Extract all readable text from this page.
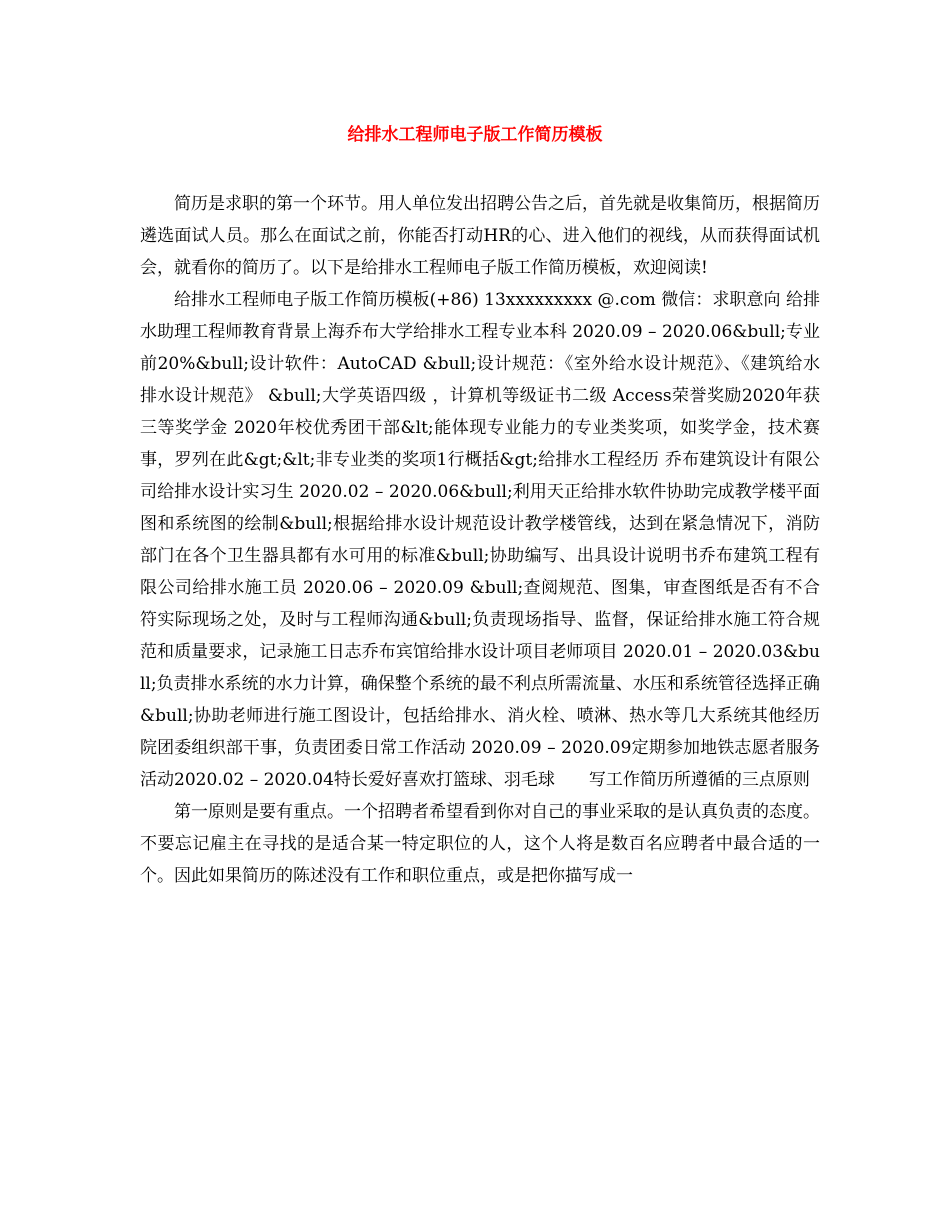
给排水工程师电子版工作简历模板

简历是求职的第一个环节。用人单位发出招聘公告之后，首先就是收集简历，根据简历遴选面试人员。那么在面试之前，你能否打动HR的心、进入他们的视线，从而获得面试机会，就看你的简历了。以下是给排水工程师电子版工作简历模板，欢迎阅读!

给排水工程师电子版工作简历模板(+86) 13xxxxxxxxx @.com 微信：求职意向 给排水助理工程师教育背景上海乔布大学给排水工程专业本科 2020.09 – 2020.06&bull;专业前20%&bull;设计软件：AutoCAD &bull;设计规范：《室外给水设计规范》、《建筑给水排水设计规范》 &bull;大学英语四级 ，计算机等级证书二级 Access荣誉奖励2020年获三等奖学金 2020年校优秀团干部&lt;能体现专业能力的专业类奖项，如奖学金，技术赛事，罗列在此&gt;&lt;非专业类的奖项1行概括&gt;给排水工程经历 乔布建筑设计有限公司给排水设计实习生 2020.02 – 2020.06&bull;利用天正给排水软件协助完成教学楼平面图和系统图的绘制&bull;根据给排水设计规范设计教学楼管线，达到在紧急情况下，消防部门在各个卫生器具都有水可用的标准&bull;协助编写、出具设计说明书乔布建筑工程有限公司给排水施工员 2020.06 – 2020.09 &bull;查阅规范、图集，审查图纸是否有不合符实际现场之处，及时与工程师沟通&bull;负责现场指导、监督，保证给排水施工符合规范和质量要求，记录施工日志乔布宾馆给排水设计项目老师项目 2020.01 – 2020.03&bull;负责排水系统的水力计算，确保整个系统的最不利点所需流量、水压和系统管径选择正确&bull;协助老师进行施工图设计，包括给排水、消火栓、喷淋、热水等几大系统其他经历院团委组织部干事，负责团委日常工作活动 2020.09 – 2020.09定期参加地铁志愿者服务活动2020.02 – 2020.04特长爱好喜欢打篮球、羽毛球　　写工作简历所遵循的三点原则

第一原则是要有重点。一个招聘者希望看到你对自己的事业采取的是认真负责的态度。不要忘记雇主在寻找的是适合某一特定职位的人，这个人将是数百名应聘者中最合适的一个。因此如果简历的陈述没有工作和职位重点，或是把你描写成一
